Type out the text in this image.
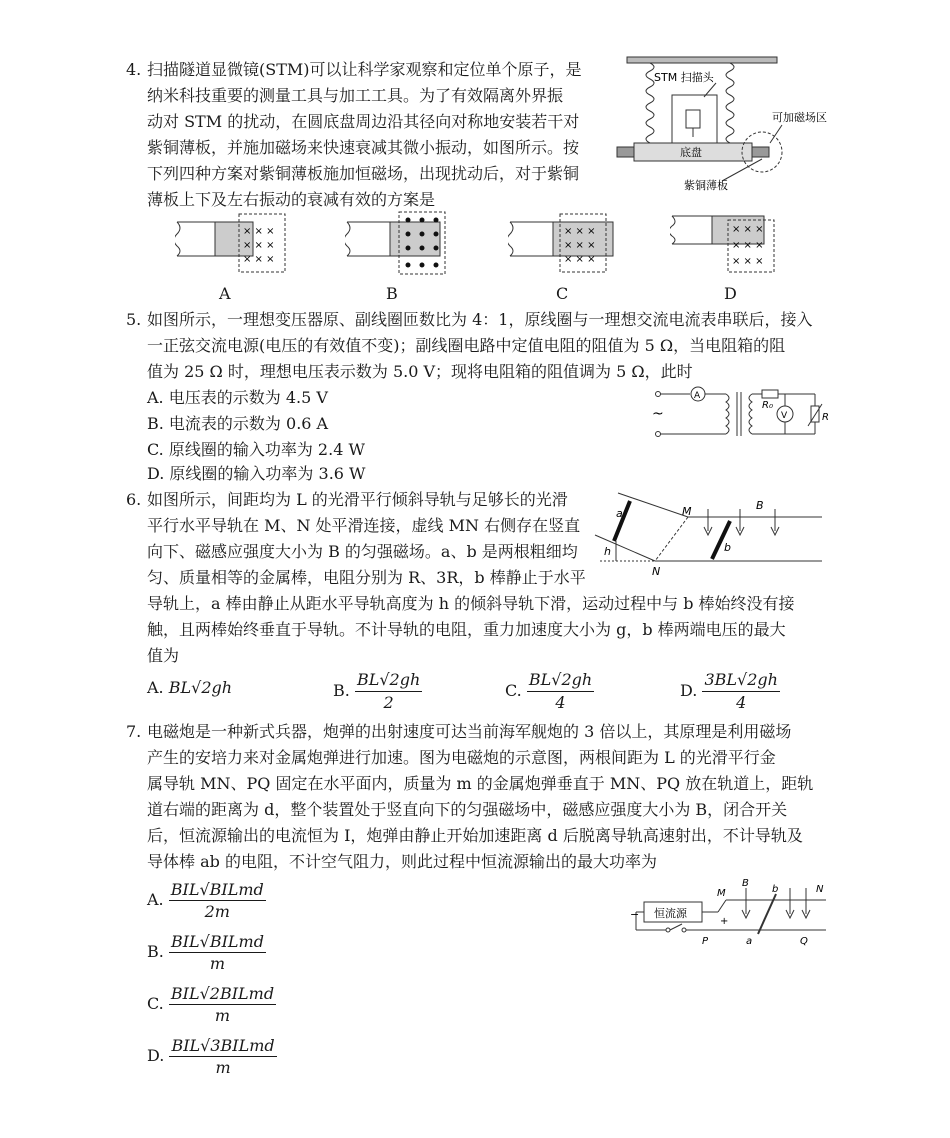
4. 扫描隧道显微镜(STM)可以让科学家观察和定位单个原子，是
纳米科技重要的测量工具与加工工具。为了有效隔离外界振
动对 STM 的扰动，在圆底盘周边沿其径向对称地安装若干对
紫铜薄板，并施加磁场来快速衰减其微小振动，如图所示。按
下列四种方案对紫铜薄板施加恒磁场，出现扰动后，对于紫铜
薄板上下及左右振动的衰减有效的方案是
STM 扫描头
底盘
可加磁场区
紫铜薄板
× × ×
× × ×
× × ×
× × ×
× × ×
× × ×
× × ×
× × ×
× × ×
A	B	C	D
5. 如图所示，一理想变压器原、副线圈匝数比为 4：1，原线圈与一理想交流电流表串联后，接入
一正弦交流电源(电压的有效值不变)；副线圈电路中定值电阻的阻值为 5 Ω，当电阻箱的阻
值为 25 Ω 时，理想电压表示数为 5.0 V；现将电阻箱的阻值调为 5 Ω，此时
A. 电压表的示数为 4.5 V
B. 电流表的示数为 0.6 A
C. 原线圈的输入功率为 2.4 W
D. 原线圈的输入功率为 3.6 W
~
A
R₀
V	R
6. 如图所示，间距均为 L 的光滑平行倾斜导轨与足够长的光滑
平行水平导轨在 M、N 处平滑连接，虚线 MN 右侧存在竖直
向下、磁感应强度大小为 B 的匀强磁场。a、b 是两根粗细均
匀、质量相等的金属棒，电阻分别为 R、3R，b 棒静止于水平
导轨上，a 棒由静止从距水平导轨高度为 h 的倾斜导轨下滑，运动过程中与 b 棒始终没有接
触，且两棒始终垂直于导轨。不计导轨的电阻，重力加速度大小为 g，b 棒两端电压的最大
值为
a
b
M
N
B
h
A. BL√2gh	B. $\frac{BL√2gh}{2}$	C. $\frac{BL√2gh}{4}$	D. $\frac{3BL√2gh}{4}$
7. 电磁炮是一种新式兵器，炮弹的出射速度可达当前海军舰炮的 3 倍以上，其原理是利用磁场
产生的安培力来对金属炮弹进行加速。图为电磁炮的示意图，两根间距为 L 的光滑平行金
属导轨 MN、PQ 固定在水平面内，质量为 m 的金属炮弹垂直于 MN、PQ 放在轨道上，距轨
道右端的距离为 d，整个装置处于竖直向下的匀强磁场中，磁感应强度大小为 B，闭合开关
后，恒流源输出的电流恒为 I，炮弹由静止开始加速距离 d 后脱离导轨高速射出，不计导轨及
导体棒 ab 的电阻，不计空气阻力，则此过程中恒流源输出的最大功率为
A. $\frac{\text{BIL√BILmd}}{2m}$
B. $\frac{\text{BIL√BILmd}}{m}$
C. $\frac{\text{BIL√2BILmd}}{m}$
D. $\frac{\text{BIL√3BILmd}}{m}$
恒流源
−
+
M	N
P	Q
B
b
a
